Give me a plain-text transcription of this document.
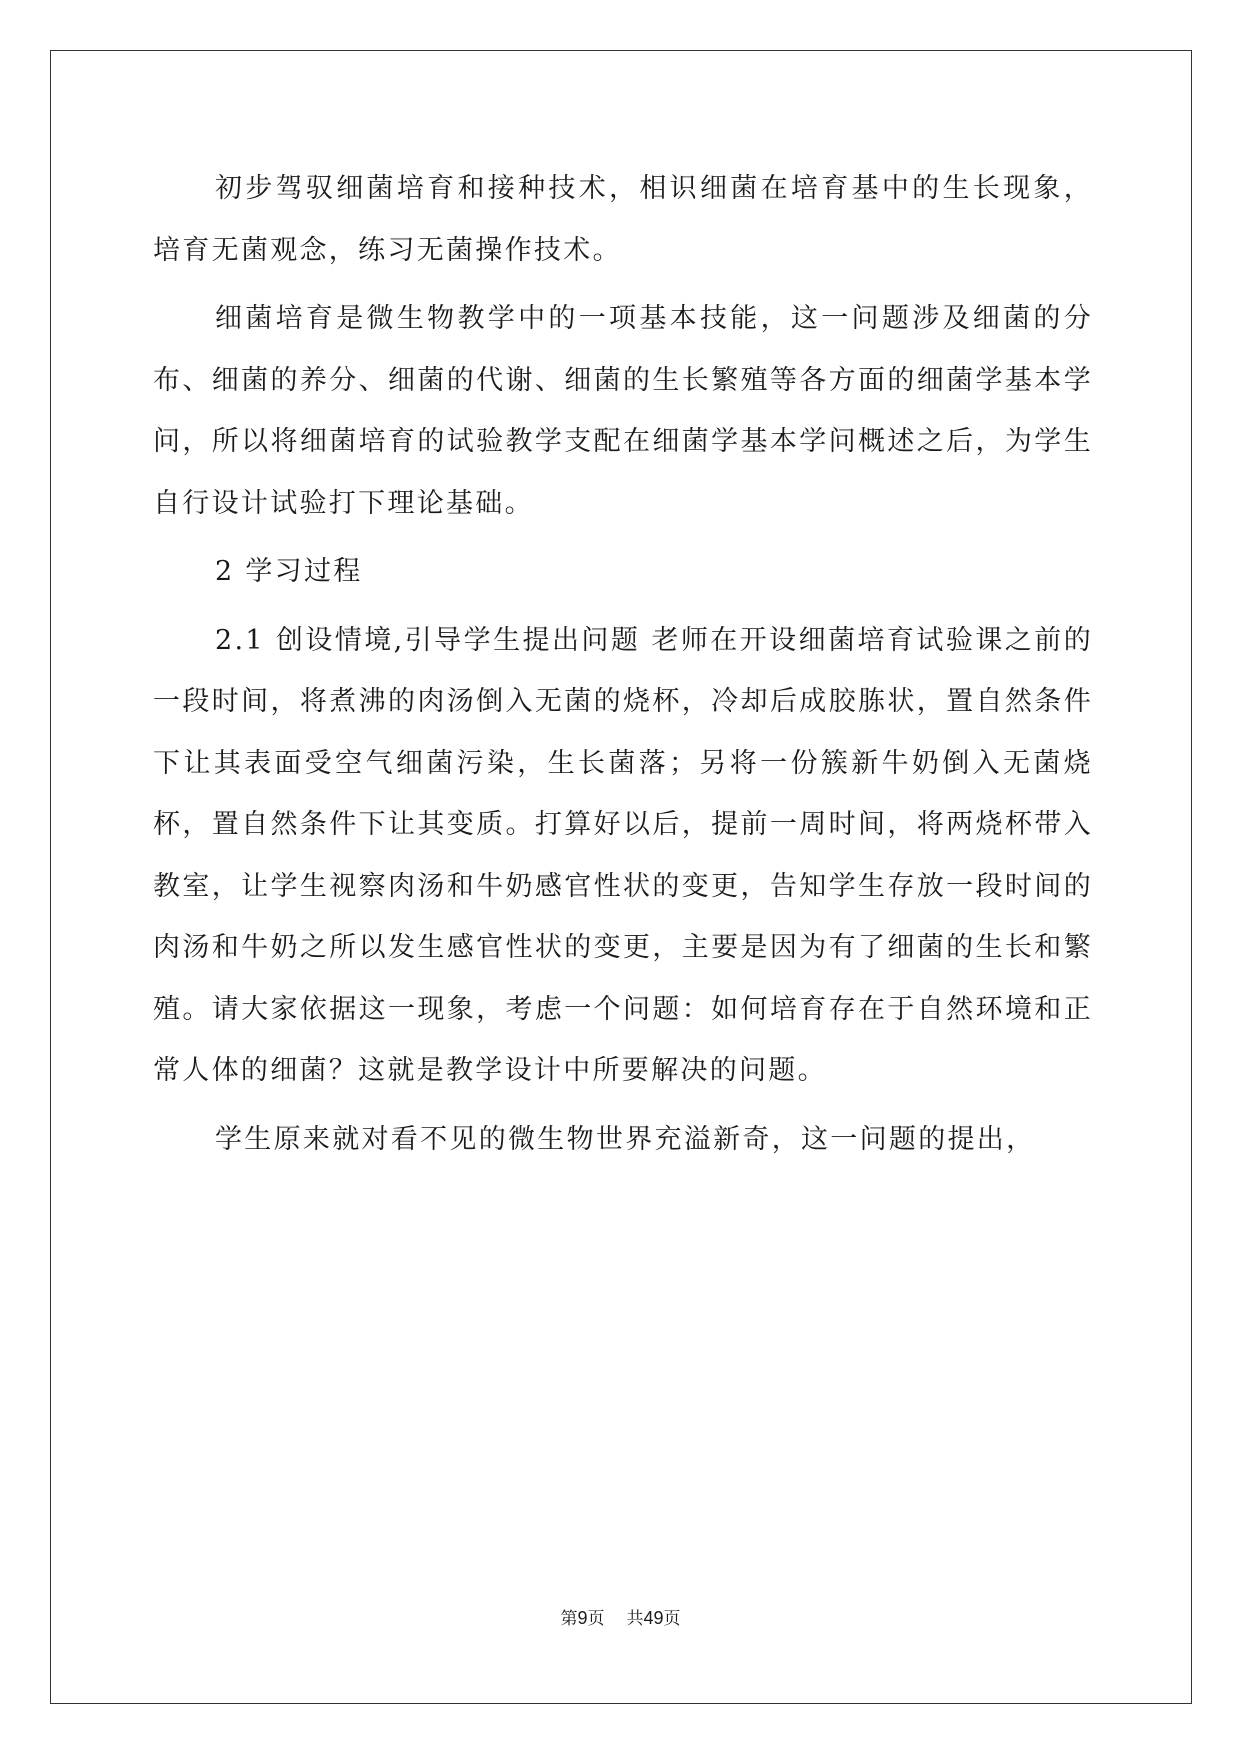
初步驾驭细菌培育和接种技术，相识细菌在培育基中的生长现象，培育无菌观念，练习无菌操作技术。

细菌培育是微生物教学中的一项基本技能，这一问题涉及细菌的分布、细菌的养分、细菌的代谢、细菌的生长繁殖等各方面的细菌学基本学问，所以将细菌培育的试验教学支配在细菌学基本学问概述之后，为学生自行设计试验打下理论基础。

2 学习过程

2.1 创设情境,引导学生提出问题 老师在开设细菌培育试验课之前的一段时间，将煮沸的肉汤倒入无菌的烧杯，冷却后成胶胨状，置自然条件下让其表面受空气细菌污染，生长菌落；另将一份簇新牛奶倒入无菌烧杯，置自然条件下让其变质。打算好以后，提前一周时间，将两烧杯带入教室，让学生视察肉汤和牛奶感官性状的变更，告知学生存放一段时间的肉汤和牛奶之所以发生感官性状的变更，主要是因为有了细菌的生长和繁殖。请大家依据这一现象，考虑一个问题：如何培育存在于自然环境和正常人体的细菌？这就是教学设计中所要解决的问题。

学生原来就对看不见的微生物世界充溢新奇，这一问题的提出，

第9页 共49页
